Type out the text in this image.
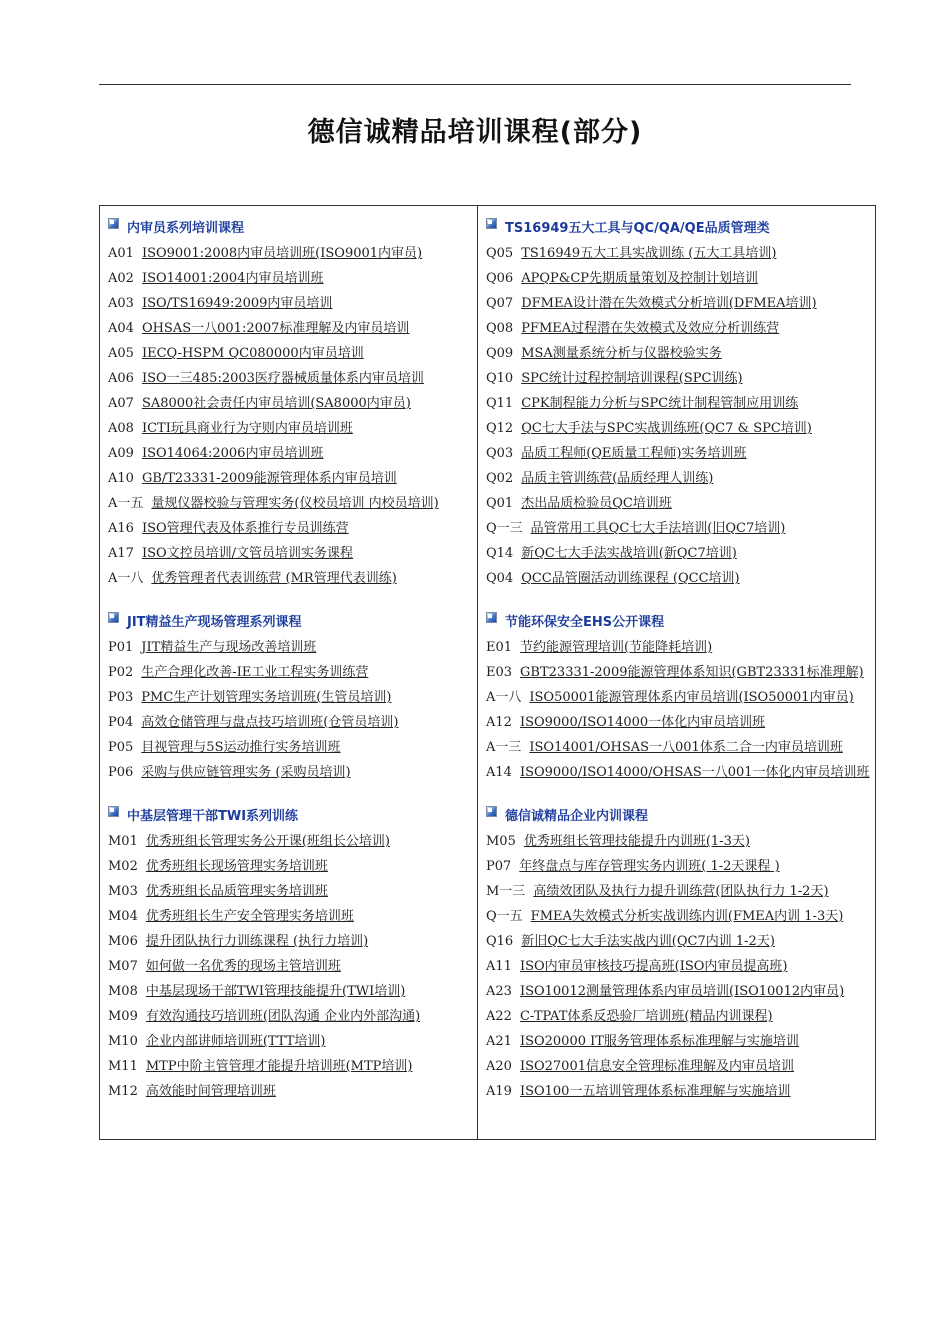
德信诚精品培训课程(部分)
内审员系列培训课程
A01 ISO9001:2008内审员培训班(ISO9001内审员)
A02 ISO14001:2004内审员培训班
A03 ISO/TS16949:2009内审员培训
A04 OHSAS一八001:2007标准理解及内审员培训
A05 IECQ-HSPM QC080000内审员培训
A06 ISO一三485:2003医疗器械质量体系内审员培训
A07 SA8000社会责任内审员培训(SA8000内审员)
A08 ICTI玩具商业行为守则内审员培训班
A09 ISO14064:2006内审员培训班
A10 GB/T23331-2009能源管理体系内审员培训
A一五 量规仪器校验与管理实务(仪校员培训 内校员培训)
A16 ISO管理代表及体系推行专员训练营
A17 ISO文控员培训/文管员培训实务课程
A一八 优秀管理者代表训练营 (MR管理代表训练)
JIT精益生产现场管理系列课程
P01 JIT精益生产与现场改善培训班
P02 生产合理化改善-IE工业工程实务训练营
P03 PMC生产计划管理实务培训班(生管员培训)
P04 高效仓储管理与盘点技巧培训班(仓管员培训)
P05 目视管理与5S运动推行实务培训班
P06 采购与供应链管理实务 (采购员培训)
中基层管理干部TWI系列训练
M01 优秀班组长管理实务公开课(班组长公培训)
M02 优秀班组长现场管理实务培训班
M03 优秀班组长品质管理实务培训班
M04 优秀班组长生产安全管理实务培训班
M06 提升团队执行力训练课程 (执行力培训)
M07 如何做一名优秀的现场主管培训班
M08 中基层现场干部TWI管理技能提升(TWI培训)
M09 有效沟通技巧培训班(团队沟通 企业内外部沟通)
M10 企业内部讲师培训班(TTT培训)
M11 MTP中阶主管管理才能提升培训班(MTP培训)
M12 高效能时间管理培训班
TS16949五大工具与QC/QA/QE品质管理类
Q05 TS16949五大工具实战训练 (五大工具培训)
Q06 APQP&CP先期质量策划及控制计划培训
Q07 DFMEA设计潜在失效模式分析培训(DFMEA培训)
Q08 PFMEA过程潜在失效模式及效应分析训练营
Q09 MSA测量系统分析与仪器校验实务
Q10 SPC统计过程控制培训课程(SPC训练)
Q11 CPK制程能力分析与SPC统计制程管制应用训练
Q12 QC七大手法与SPC实战训练班(QC7 & SPC培训)
Q03 品质工程师(QE质量工程师)实务培训班
Q02 品质主管训练营(品质经理人训练)
Q01 杰出品质检验员QC培训班
Q一三 品管常用工具QC七大手法培训(旧QC7培训)
Q14 新QC七大手法实战培训(新QC7培训)
Q04 QCC品管圈活动训练课程 (QCC培训)
节能环保安全EHS公开课程
E01 节约能源管理培训(节能降耗培训)
E03 GBT23331-2009能源管理体系知识(GBT23331标准理解)
A一八 ISO50001能源管理体系内审员培训(ISO50001内审员)
A12 ISO9000/ISO14000一体化内审员培训班
A一三 ISO14001/OHSAS一八001体系二合一内审员培训班
A14 ISO9000/ISO14000/OHSAS一八001一体化内审员培训班
德信诚精品企业内训课程
M05 优秀班组长管理技能提升内训班(1-3天)
P07 年终盘点与库存管理实务内训班( 1-2天课程 )
M一三 高绩效团队及执行力提升训练营(团队执行力 1-2天)
Q一五 FMEA失效模式分析实战训练内训(FMEA内训 1-3天)
Q16 新旧QC七大手法实战内训(QC7内训 1-2天)
A11 ISO内审员审核技巧提高班(ISO内审员提高班)
A23 ISO10012测量管理体系内审员培训(ISO10012内审员)
A22 C-TPAT体系反恐验厂培训班(精品内训课程)
A21 ISO20000 IT服务管理体系标准理解与实施培训
A20 ISO27001信息安全管理标准理解及内审员培训
A19 ISO100一五培训管理体系标准理解与实施培训
